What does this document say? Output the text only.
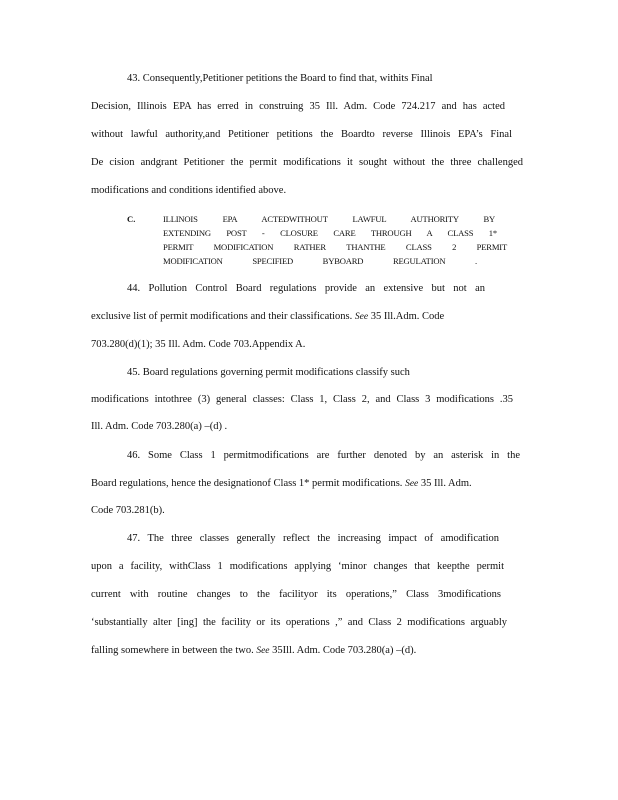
43. Consequently,Petitioner petitions the Board to find that, withits Final
Decision, Illinois EPA has erred in construing 35 Ill. Adm. Code 724.217 and has acted
without lawful authority,and Petitioner petitions the Boardto reverse Illinois EPA’s Final
De cision andgrant Petitioner the permit modifications it sought without the three challenged
modifications and conditions identified above.
C.	ILLINOIS EPA ACTEDWITHOUT LAWFUL AUTHORITY BY
EXTENDING POST - CLOSURE CARE THROUGH A CLASS 1*
PERMIT MODIFICATION RATHER THANTHE CLASS 2 PERMIT
MODIFICATION SPECIFIED BYBOARD REGULATION .
44. Pollution Control Board regulations provide an extensive but not an
exclusive list of permit modifications and their classifications. See 35 Ill.Adm. Code
703.280(d)(1); 35 Ill. Adm. Code 703.Appendix A.
45. Board regulations governing permit modifications classify such
modifications intothree (3) general classes: Class 1, Class 2, and Class 3 modifications .35
Ill. Adm. Code 703.280(a) –(d) .
46. Some Class 1 permitmodifications are further denoted by an asterisk in the
Board regulations, hence the designationof Class 1* permit modifications. See 35 Ill. Adm.
Code 703.281(b).
47. The three classes generally reflect the increasing impact of amodification
upon a facility, withClass 1 modifications applying ‘minor changes that keepthe permit
current with routine changes to the facilityor its operations,” Class 3modifications
‘substantially alter [ing] the facility or its operations ,” and Class 2 modifications arguably
falling somewhere in between the two. See 35Ill. Adm. Code 703.280(a) –(d).
